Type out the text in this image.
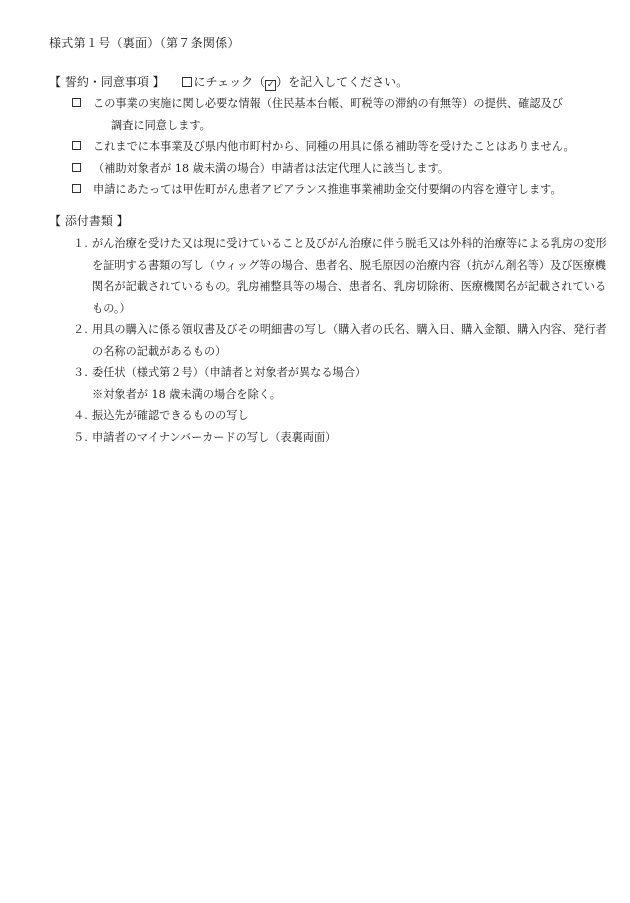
様式第１号（裏面）（第７条関係）
【 誓約・同意事項 】 にチェック（ ✓ ）を記入してください。
この事業の実施に関し必要な情報（住民基本台帳、町税等の滞納の有無等）の提供、確認及び
調査に同意します。
これまでに本事業及び県内他市町村から、同種の用具に係る補助等を受けたことはありません。
（補助対象者が 18 歳未満の場合）申請者は法定代理人に該当します。
申請にあたっては甲佐町がん患者アピアランス推進事業補助金交付要綱の内容を遵守します。
【 添付書類 】
１. がん治療を受けた又は現に受けていること及びがん治療に伴う脱毛又は外科的治療等による乳房の変形を証明する書類の写し（ウィッグ等の場合、患者名、脱毛原因の治療内容（抗がん剤名等）及び医療機関名が記載されているもの。乳房補整具等の場合、患者名、乳房切除術、医療機関名が記載されているもの。）
２. 用具の購入に係る領収書及びその明細書の写し（購入者の氏名、購入日、購入金額、購入内容、発行者の名称の記載があるもの）
３. 委任状（様式第２号）（申請者と対象者が異なる場合）
※対象者が 18 歳未満の場合を除く。
４. 振込先が確認できるものの写し
５. 申請者のマイナンバーカードの写し（表裏両面）
